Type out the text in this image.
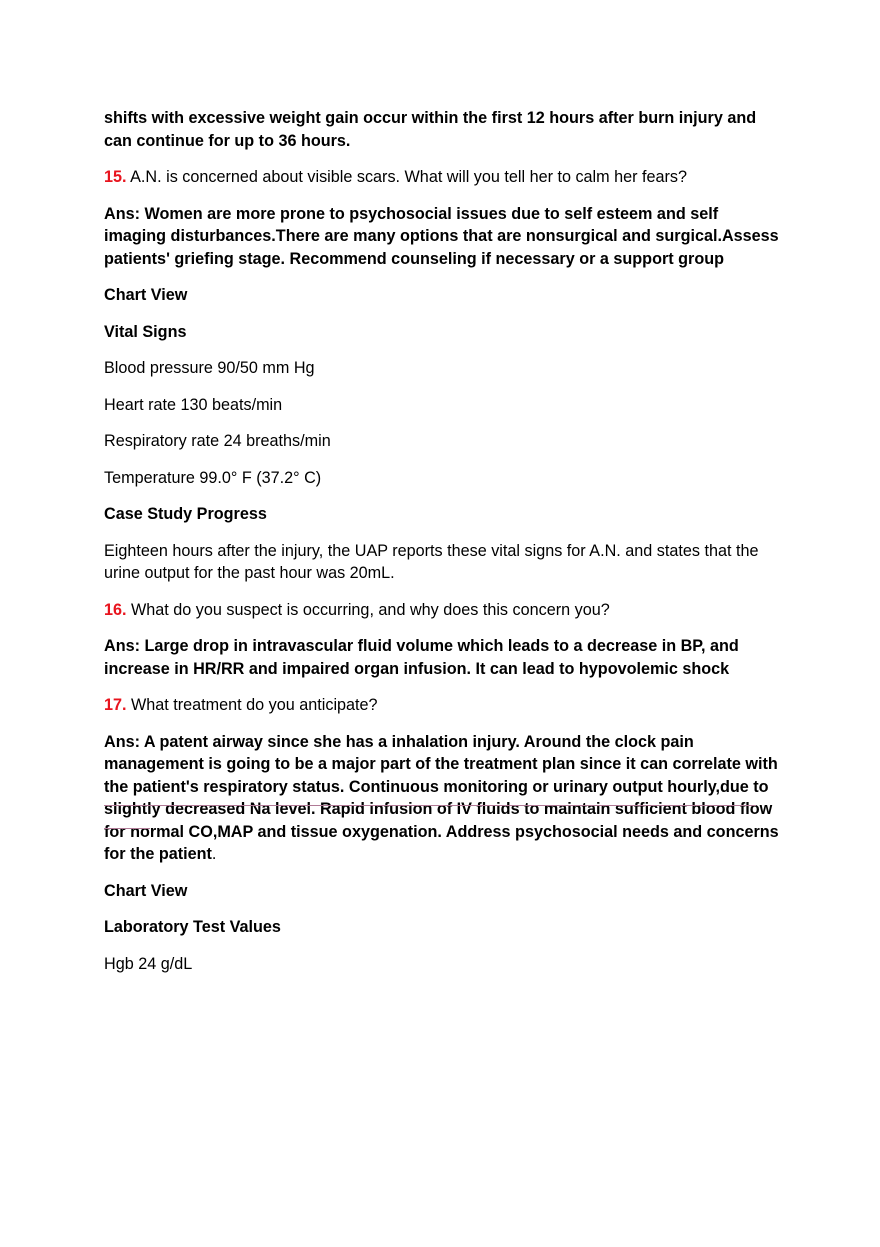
shifts with excessive weight gain occur within the first 12 hours after burn injury and can continue for up to 36 hours.

15. A.N. is concerned about visible scars. What will you tell her to calm her fears?

Ans: Women are more prone to psychosocial issues due to self esteem and self imaging disturbances.There are many options that are nonsurgical and surgical.Assess patients' griefing stage. Recommend counseling if necessary or a support group

Chart View

Vital Signs

Blood pressure 90/50 mm Hg

Heart rate 130 beats/min

Respiratory rate 24 breaths/min

Temperature 99.0° F (37.2° C)

Case Study Progress

Eighteen hours after the injury, the UAP reports these vital signs for A.N. and states that the urine output for the past hour was 20mL.

16. What do you suspect is occurring, and why does this concern you?

Ans: Large drop in intravascular fluid volume which leads to a decrease in BP, and increase in HR/RR and impaired organ infusion. It can lead to hypovolemic shock

17. What treatment do you anticipate?

Ans: A patent airway since she has a inhalation injury. Around the clock pain management is going to be a major part of the treatment plan since it can correlate with the patient's respiratory status. Continuous monitoring or urinary output hourly,due to slightly decreased Na level. Rapid infusion of IV fluids to maintain sufficient blood flow for normal CO,MAP and tissue oxygenation. Address psychosocial needs and concerns for the patient.

Chart View

Laboratory Test Values

Hgb 24 g/dL
